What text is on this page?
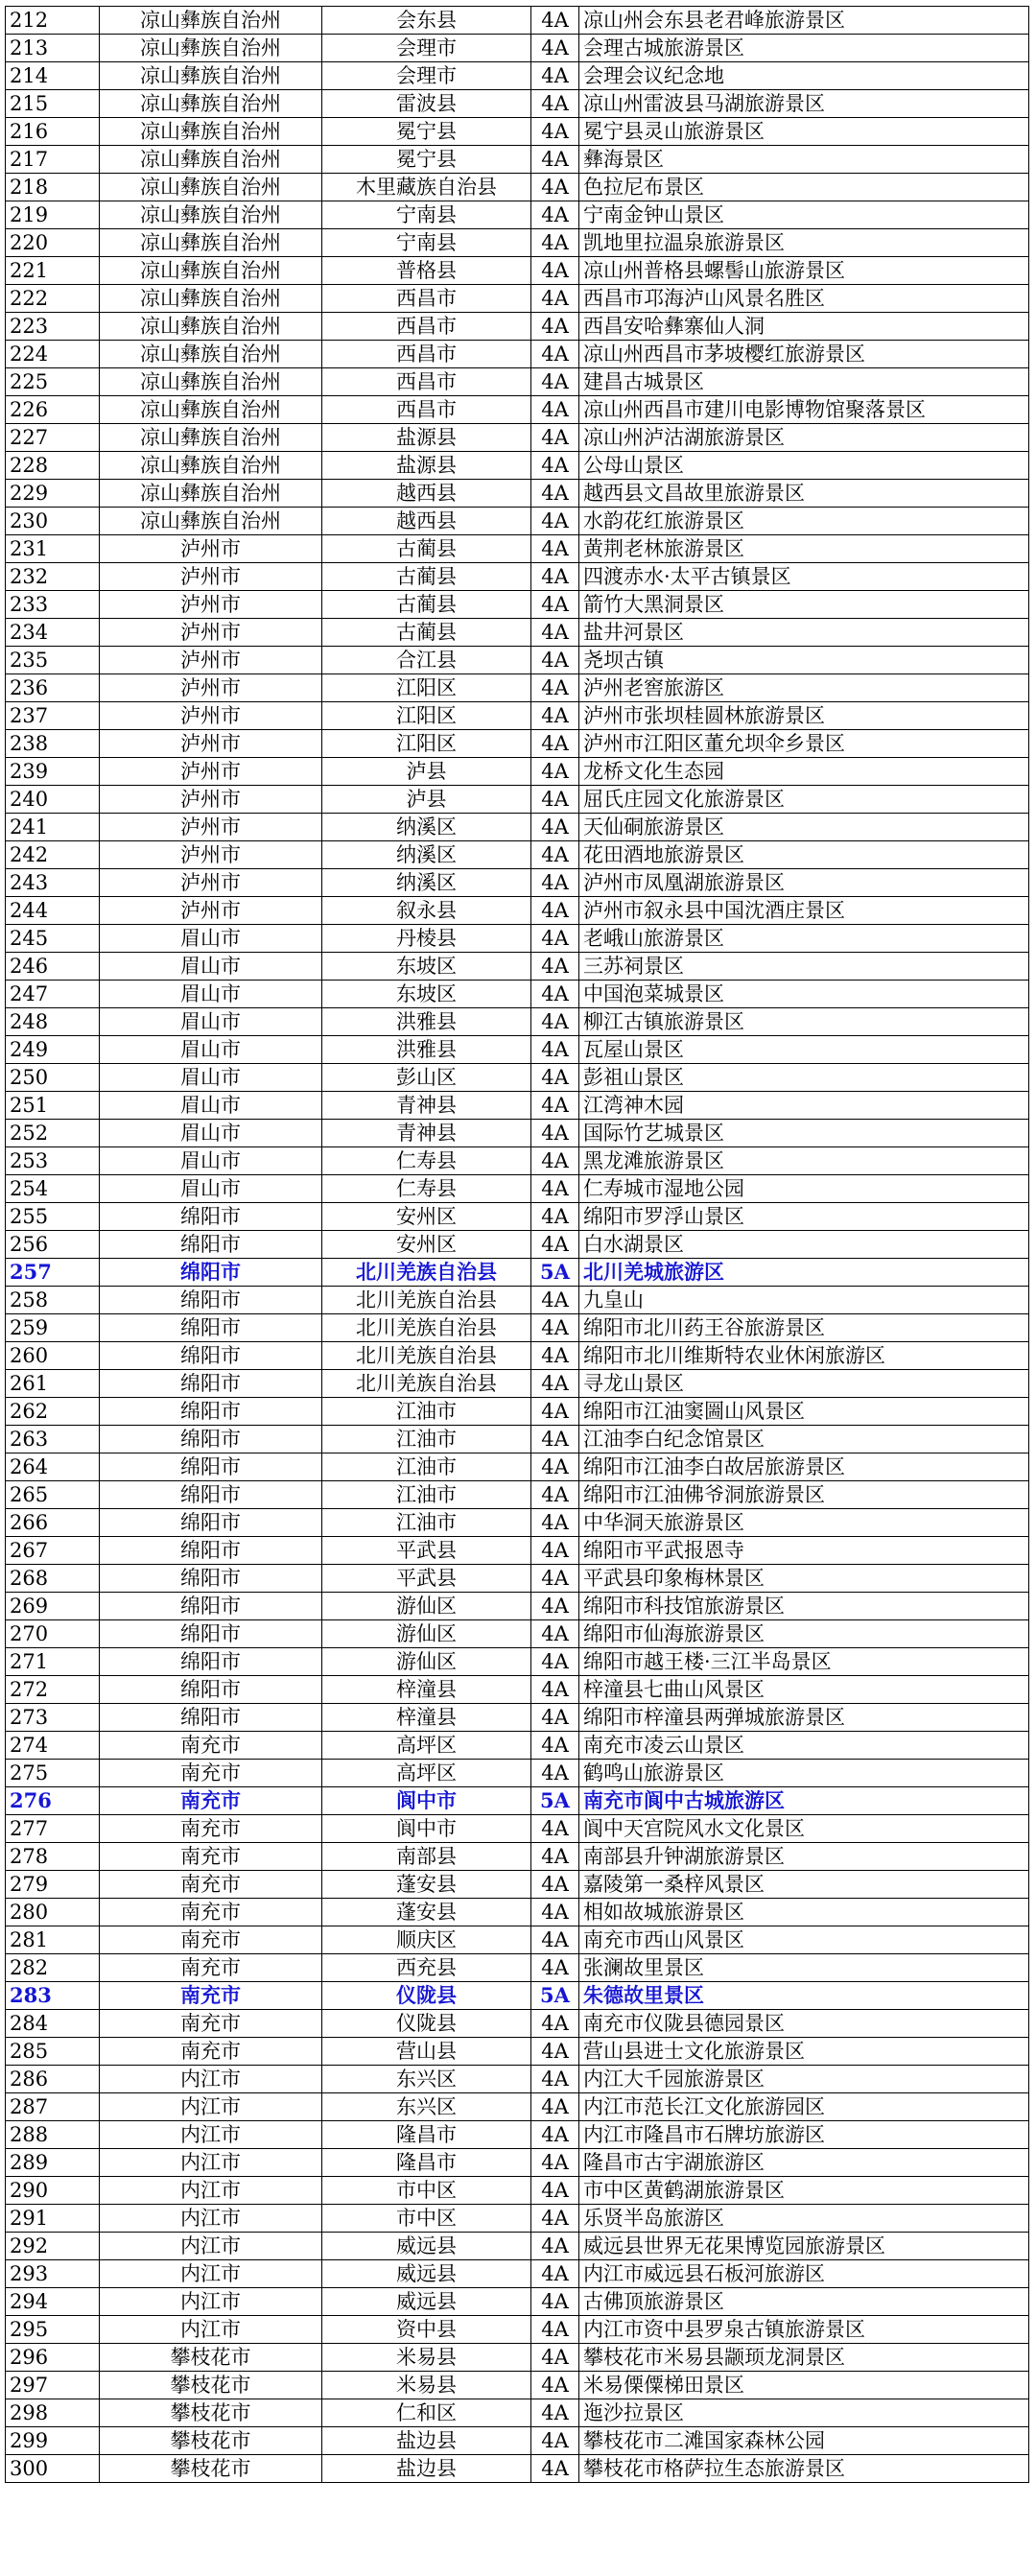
212	凉山彝族自治州	会东县	4A	凉山州会东县老君峰旅游景区
213	凉山彝族自治州	会理市	4A	会理古城旅游景区
214	凉山彝族自治州	会理市	4A	会理会议纪念地
215	凉山彝族自治州	雷波县	4A	凉山州雷波县马湖旅游景区
216	凉山彝族自治州	冕宁县	4A	冕宁县灵山旅游景区
217	凉山彝族自治州	冕宁县	4A	彝海景区
218	凉山彝族自治州	木里藏族自治县	4A	色拉尼布景区
219	凉山彝族自治州	宁南县	4A	宁南金钟山景区
220	凉山彝族自治州	宁南县	4A	凯地里拉温泉旅游景区
221	凉山彝族自治州	普格县	4A	凉山州普格县螺髻山旅游景区
222	凉山彝族自治州	西昌市	4A	西昌市邛海泸山风景名胜区
223	凉山彝族自治州	西昌市	4A	西昌安哈彝寨仙人洞
224	凉山彝族自治州	西昌市	4A	凉山州西昌市茅坡樱红旅游景区
225	凉山彝族自治州	西昌市	4A	建昌古城景区
226	凉山彝族自治州	西昌市	4A	凉山州西昌市建川电影博物馆聚落景区
227	凉山彝族自治州	盐源县	4A	凉山州泸沽湖旅游景区
228	凉山彝族自治州	盐源县	4A	公母山景区
229	凉山彝族自治州	越西县	4A	越西县文昌故里旅游景区
230	凉山彝族自治州	越西县	4A	水韵花红旅游景区
231	泸州市	古蔺县	4A	黄荆老林旅游景区
232	泸州市	古蔺县	4A	四渡赤水·太平古镇景区
233	泸州市	古蔺县	4A	箭竹大黑洞景区
234	泸州市	古蔺县	4A	盐井河景区
235	泸州市	合江县	4A	尧坝古镇
236	泸州市	江阳区	4A	泸州老窖旅游区
237	泸州市	江阳区	4A	泸州市张坝桂圆林旅游景区
238	泸州市	江阳区	4A	泸州市江阳区董允坝伞乡景区
239	泸州市	泸县	4A	龙桥文化生态园
240	泸州市	泸县	4A	屈氏庄园文化旅游景区
241	泸州市	纳溪区	4A	天仙硐旅游景区
242	泸州市	纳溪区	4A	花田酒地旅游景区
243	泸州市	纳溪区	4A	泸州市凤凰湖旅游景区
244	泸州市	叙永县	4A	泸州市叙永县中国沈酒庄景区
245	眉山市	丹棱县	4A	老峨山旅游景区
246	眉山市	东坡区	4A	三苏祠景区
247	眉山市	东坡区	4A	中国泡菜城景区
248	眉山市	洪雅县	4A	柳江古镇旅游景区
249	眉山市	洪雅县	4A	瓦屋山景区
250	眉山市	彭山区	4A	彭祖山景区
251	眉山市	青神县	4A	江湾神木园
252	眉山市	青神县	4A	国际竹艺城景区
253	眉山市	仁寿县	4A	黑龙滩旅游景区
254	眉山市	仁寿县	4A	仁寿城市湿地公园
255	绵阳市	安州区	4A	绵阳市罗浮山景区
256	绵阳市	安州区	4A	白水湖景区
257	绵阳市	北川羌族自治县	5A	北川羌城旅游区
258	绵阳市	北川羌族自治县	4A	九皇山
259	绵阳市	北川羌族自治县	4A	绵阳市北川药王谷旅游景区
260	绵阳市	北川羌族自治县	4A	绵阳市北川维斯特农业休闲旅游区
261	绵阳市	北川羌族自治县	4A	寻龙山景区
262	绵阳市	江油市	4A	绵阳市江油窦圌山风景区
263	绵阳市	江油市	4A	江油李白纪念馆景区
264	绵阳市	江油市	4A	绵阳市江油李白故居旅游景区
265	绵阳市	江油市	4A	绵阳市江油佛爷洞旅游景区
266	绵阳市	江油市	4A	中华洞天旅游景区
267	绵阳市	平武县	4A	绵阳市平武报恩寺
268	绵阳市	平武县	4A	平武县印象梅林景区
269	绵阳市	游仙区	4A	绵阳市科技馆旅游景区
270	绵阳市	游仙区	4A	绵阳市仙海旅游景区
271	绵阳市	游仙区	4A	绵阳市越王楼·三江半岛景区
272	绵阳市	梓潼县	4A	梓潼县七曲山风景区
273	绵阳市	梓潼县	4A	绵阳市梓潼县两弹城旅游景区
274	南充市	高坪区	4A	南充市凌云山景区
275	南充市	高坪区	4A	鹤鸣山旅游景区
276	南充市	阆中市	5A	南充市阆中古城旅游区
277	南充市	阆中市	4A	阆中天宫院风水文化景区
278	南充市	南部县	4A	南部县升钟湖旅游景区
279	南充市	蓬安县	4A	嘉陵第一桑梓风景区
280	南充市	蓬安县	4A	相如故城旅游景区
281	南充市	顺庆区	4A	南充市西山风景区
282	南充市	西充县	4A	张澜故里景区
283	南充市	仪陇县	5A	朱德故里景区
284	南充市	仪陇县	4A	南充市仪陇县德园景区
285	南充市	营山县	4A	营山县进士文化旅游景区
286	内江市	东兴区	4A	内江大千园旅游景区
287	内江市	东兴区	4A	内江市范长江文化旅游园区
288	内江市	隆昌市	4A	内江市隆昌市石牌坊旅游区
289	内江市	隆昌市	4A	隆昌市古宇湖旅游区
290	内江市	市中区	4A	市中区黄鹤湖旅游景区
291	内江市	市中区	4A	乐贤半岛旅游区
292	内江市	威远县	4A	威远县世界无花果博览园旅游景区
293	内江市	威远县	4A	内江市威远县石板河旅游区
294	内江市	威远县	4A	古佛顶旅游景区
295	内江市	资中县	4A	内江市资中县罗泉古镇旅游景区
296	攀枝花市	米易县	4A	攀枝花市米易县颛顼龙洞景区
297	攀枝花市	米易县	4A	米易傈僳梯田景区
298	攀枝花市	仁和区	4A	迤沙拉景区
299	攀枝花市	盐边县	4A	攀枝花市二滩国家森林公园
300	攀枝花市	盐边县	4A	攀枝花市格萨拉生态旅游景区
